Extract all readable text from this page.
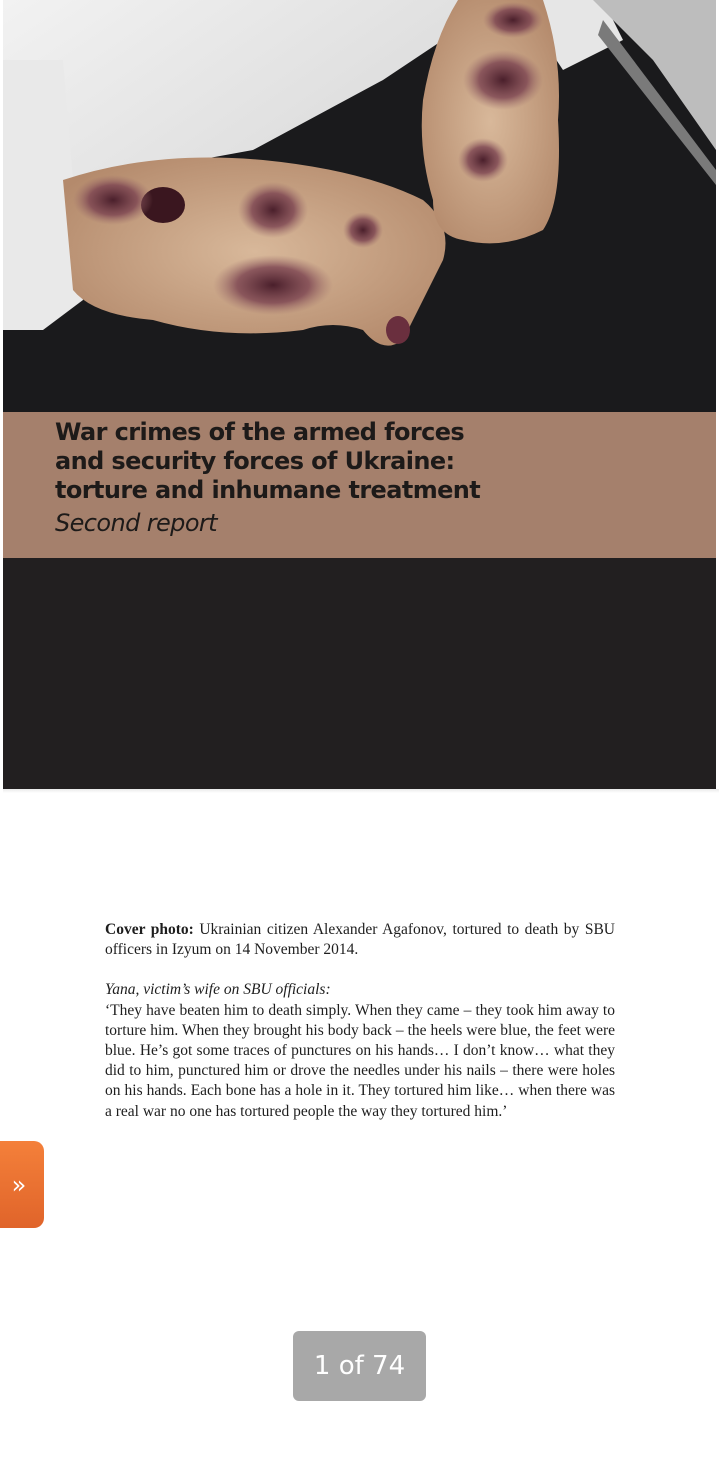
War crimes of the armed forces
and security forces of Ukraine:
torture and inhumane treatment
Second report
Cover photo: Ukrainian citizen Alexander Agafonov, tortured to death by SBU officers in Izyum on 14 November 2014.
Yana, victim’s wife on SBU officials:
‘They have beaten him to death simply. When they came – they took him away to torture him. When they brought his body back – the heels were blue, the feet were blue. He’s got some traces of punctures on his hands… I don’t know… what they did to him, punctured him or drove the needles under his nails – there were holes on his hands. Each bone has a hole in it. They tortured him like… when there was a real war no one has tortured people the way they tortured him.’
»
1 of 74
